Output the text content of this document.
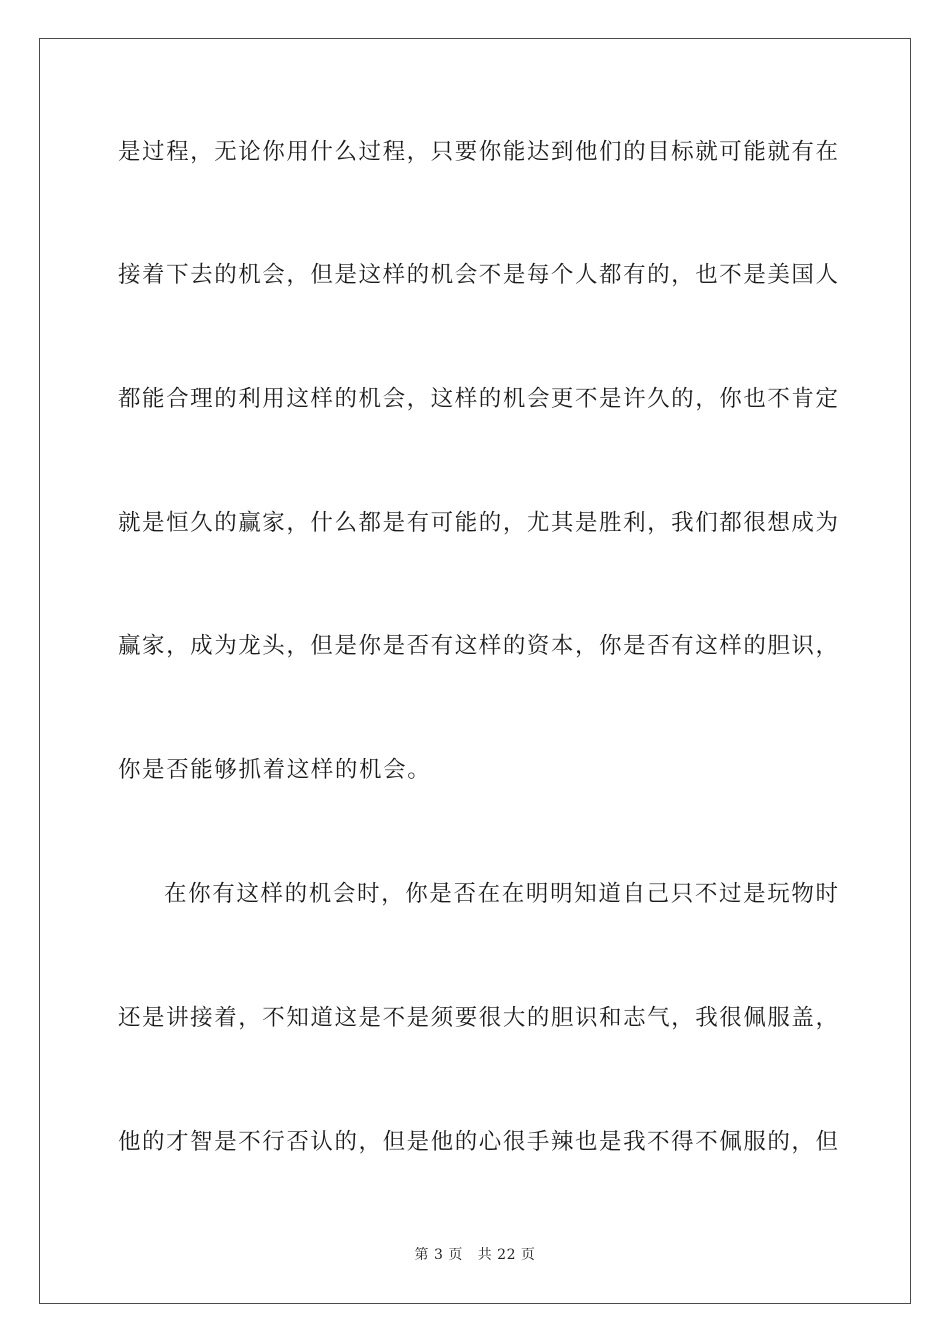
是过程，无论你用什么过程，只要你能达到他们的目标就可能就有在
接着下去的机会，但是这样的机会不是每个人都有的，也不是美国人
都能合理的利用这样的机会，这样的机会更不是许久的，你也不肯定
就是恒久的赢家，什么都是有可能的，尤其是胜利，我们都很想成为
赢家，成为龙头，但是你是否有这样的资本，你是否有这样的胆识，
你是否能够抓着这样的机会。
在你有这样的机会时，你是否在在明明知道自己只不过是玩物时
还是讲接着，不知道这是不是须要很大的胆识和志气，我很佩服盖，
他的才智是不行否认的，但是他的心很手辣也是我不得不佩服的，但
第 3 页 共 22 页
